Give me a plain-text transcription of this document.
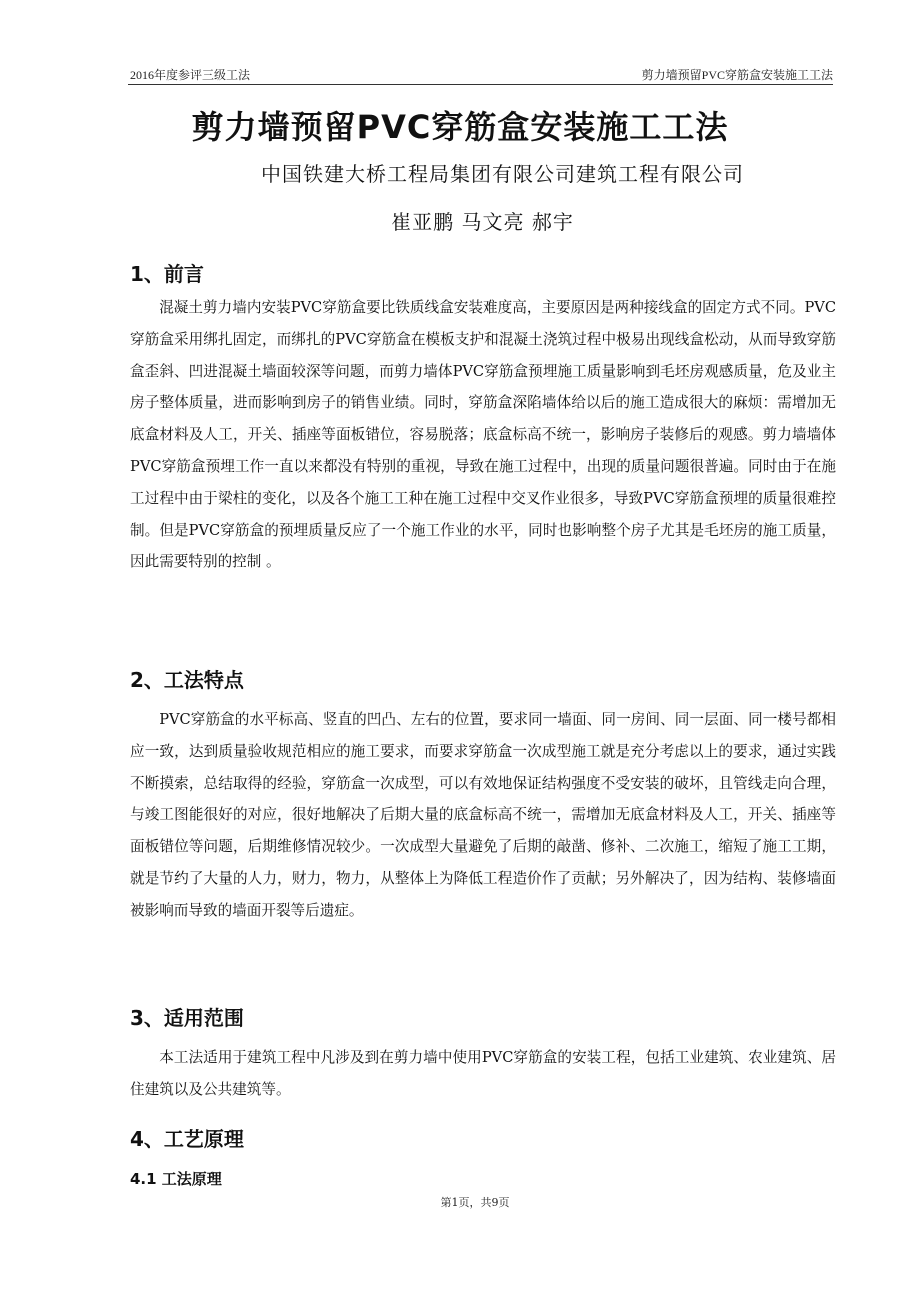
2016年度参评三级工法	剪力墙预留PVC穿筋盒安装施工工法
剪力墙预留PVC穿筋盒安装施工工法
中国铁建大桥工程局集团有限公司建筑工程有限公司
崔亚鹏 马文亮 郝宇
1、前言

混凝土剪力墙内安装PVC穿筋盒要比铁质线盒安装难度高，主要原因是两种接线盒的固定方式不同。PVC穿筋盒采用绑扎固定，而绑扎的PVC穿筋盒在模板支护和混凝土浇筑过程中极易出现线盒松动，从而导致穿筋盒歪斜、凹进混凝土墙面较深等问题，而剪力墙体PVC穿筋盒预埋施工质量影响到毛坯房观感质量，危及业主房子整体质量，进而影响到房子的销售业绩。同时，穿筋盒深陷墙体给以后的施工造成很大的麻烦：需增加无底盒材料及人工，开关、插座等面板错位，容易脱落；底盒标高不统一，影响房子装修后的观感。剪力墙墙体PVC穿筋盒预埋工作一直以来都没有特别的重视，导致在施工过程中，出现的质量问题很普遍。同时由于在施工过程中由于梁柱的变化，以及各个施工工种在施工过程中交叉作业很多，导致PVC穿筋盒预埋的质量很难控制。但是PVC穿筋盒的预埋质量反应了一个施工作业的水平，同时也影响整个房子尤其是毛坯房的施工质量，因此需要特别的控制 。

2、工法特点

PVC穿筋盒的水平标高、竖直的凹凸、左右的位置，要求同一墙面、同一房间、同一层面、同一楼号都相应一致，达到质量验收规范相应的施工要求，而要求穿筋盒一次成型施工就是充分考虑以上的要求，通过实践不断摸索，总结取得的经验，穿筋盒一次成型，可以有效地保证结构强度不受安装的破坏，且管线走向合理，与竣工图能很好的对应，很好地解决了后期大量的底盒标高不统一，需增加无底盒材料及人工，开关、插座等面板错位等问题，后期维修情况较少。一次成型大量避免了后期的敲凿、修补、二次施工，缩短了施工工期，就是节约了大量的人力，财力，物力，从整体上为降低工程造价作了贡献；另外解决了，因为结构、装修墙面被影响而导致的墙面开裂等后遗症。

3、适用范围

本工法适用于建筑工程中凡涉及到在剪力墙中使用PVC穿筋盒的安装工程，包括工业建筑、农业建筑、居住建筑以及公共建筑等。

4、工艺原理
4.1 工法原理
第1页，共9页
